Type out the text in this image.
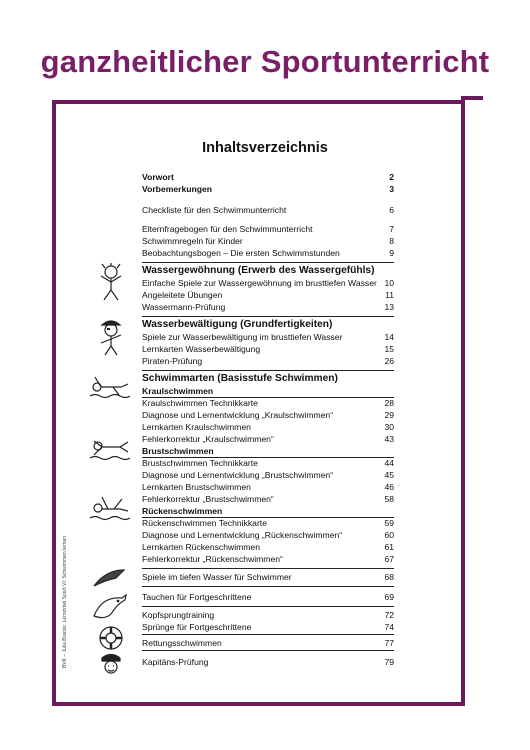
ganzheitlicher Sportunterricht
Inhaltsverzeichnis
BVK – Julia Bracke: Lernzirkel Sport VI: Schwimmen lernen
Vorwort	2
Vorbemerkungen	3
Checkliste für den Schwimmunterricht	6
Elternfragebogen für den Schwimmunterricht	7
Schwimmregeln für Kinder	8
Beobachtungsbogen – Die ersten Schwimmstunden	9
Wassergewöhnung (Erwerb des Wassergefühls)
Einfache Spiele zur Wassergewöhnung im brusttiefen Wasser 10
Angeleitete Übungen	11
Wassermann-Prüfung	13
Wasserbewältigung (Grundfertigkeiten)
Spiele zur Wasserbewältigung im brusttiefen Wasser	14
Lernkarten Wasserbewältigung	15
Piraten-Prüfung	26
Schwimmarten (Basisstufe Schwimmen)
Kraulschwimmen
Kraulschwimmen Technikkarte	28
Diagnose und Lernentwicklung „Kraulschwimmen“	29
Lernkarten Kraulschwimmen	30
Fehlerkorrektur „Kraulschwimmen“	43
Brustschwimmen
Brustschwimmen Technikkarte	44
Diagnose und Lernentwicklung „Brustschwimmen“	45
Lernkarten Brustschwimmen	46
Fehlerkorrektur „Brustschwimmen“	58
Rückenschwimmen
Rückenschwimmen Technikkarte	59
Diagnose und Lernentwicklung „Rückenschwimmen“	60
Lernkarten Rückenschwimmen	61
Fehlerkorrektur „Rückenschwimmen“	67
Spiele im tiefen Wasser für Schwimmer	68
Tauchen für Fortgeschrittene	69
Kopfsprungtraining	72
Sprünge für Fortgeschrittene	74
Rettungsschwimmen	77
Kapitäns-Prüfung	79
